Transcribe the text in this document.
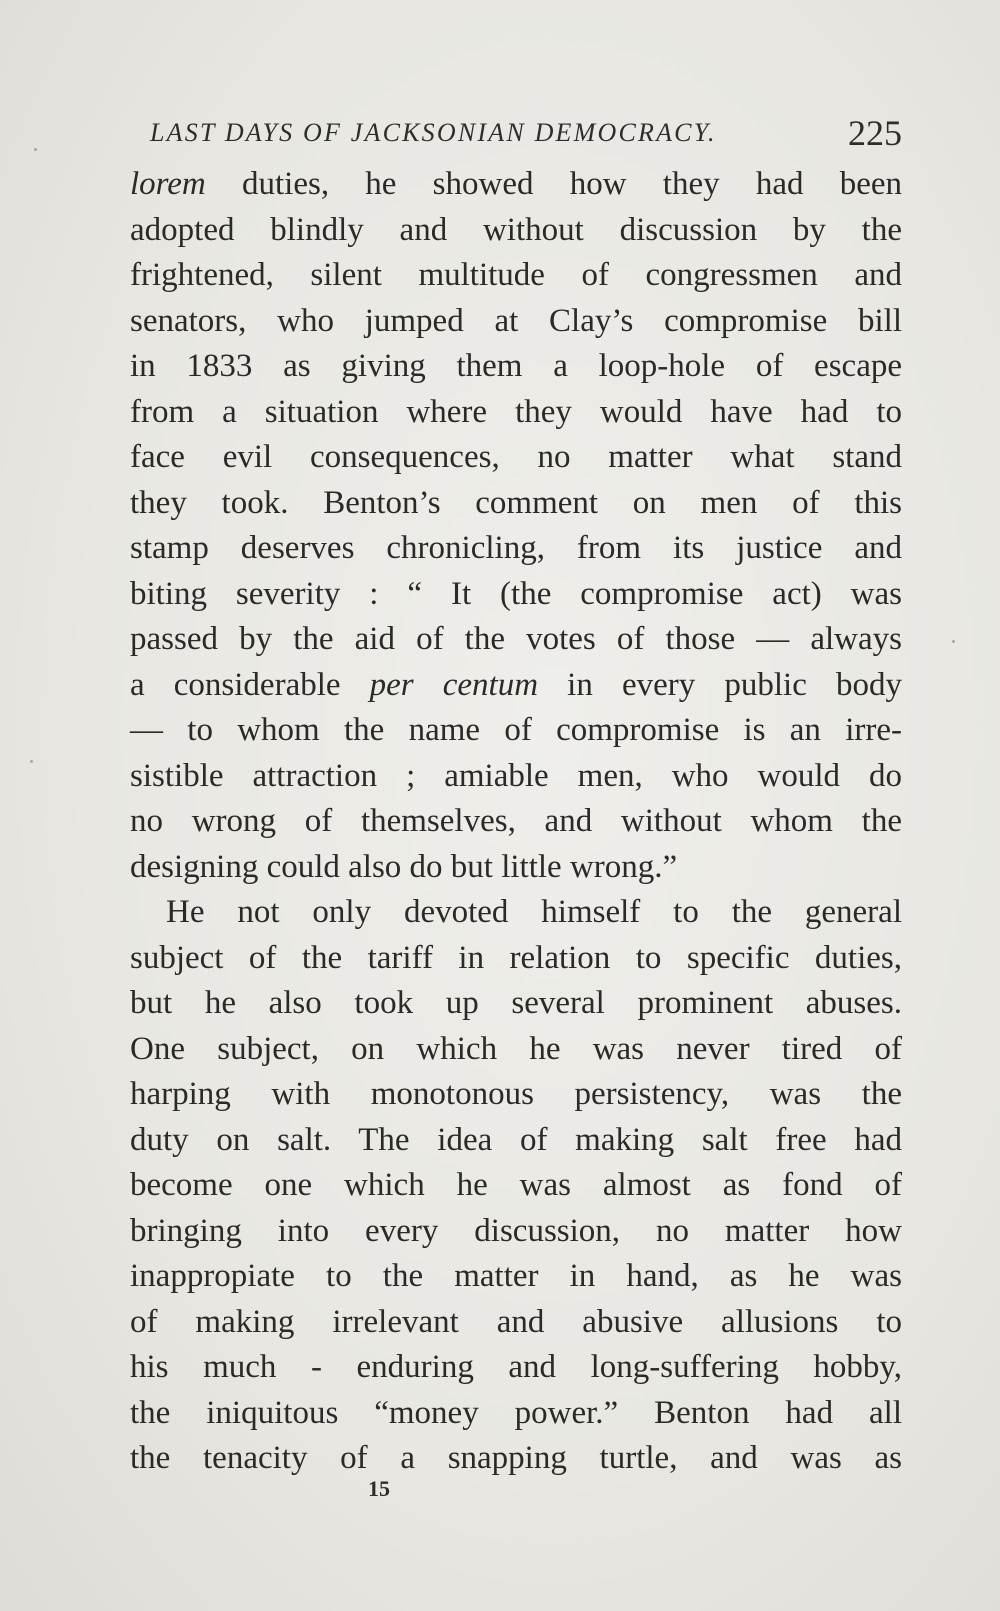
LAST DAYS OF JACKSONIAN DEMOCRACY.	225
lorem duties, he showed how they had been
adopted blindly and without discussion by the
frightened, silent multitude of congressmen and
senators, who jumped at Clay’s compromise bill
in 1833 as giving them a loop-hole of escape
from a situation where they would have had to
face evil consequences, no matter what stand
they took. Benton’s comment on men of this
stamp deserves chronicling, from its justice and
biting severity : “ It (the compromise act) was
passed by the aid of the votes of those — always
a considerable per centum in every public body
— to whom the name of compromise is an irre-
sistible attraction ; amiable men, who would do
no wrong of themselves, and without whom the
designing could also do but little wrong.”
He not only devoted himself to the general
subject of the tariff in relation to specific duties,
but he also took up several prominent abuses.
One subject, on which he was never tired of
harping with monotonous persistency, was the
duty on salt. The idea of making salt free had
become one which he was almost as fond of
bringing into every discussion, no matter how
inappropiate to the matter in hand, as he was
of making irrelevant and abusive allusions to
his much - enduring and long-suffering hobby,
the iniquitous “money power.” Benton had all
the tenacity of a snapping turtle, and was as
15
